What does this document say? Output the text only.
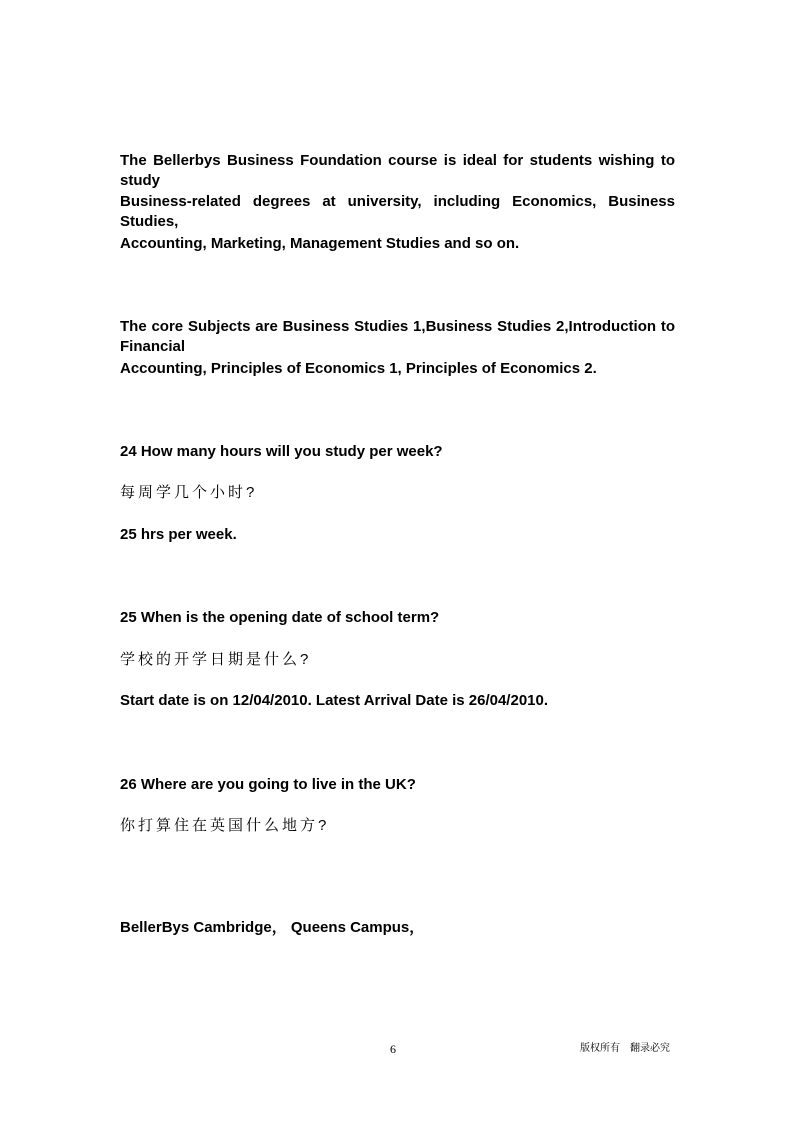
The Bellerbys Business Foundation course is ideal for students wishing to study
Business-related degrees at university, including Economics, Business Studies,
Accounting, Marketing, Management Studies and so on.
The core Subjects are Business Studies 1,Business Studies 2,Introduction to Financial
Accounting, Principles of Economics 1, Principles of Economics 2.
24 How many hours will you study per week?
每周学几个小时?
25 hrs per week.
25 When is the opening date of school term?
学校的开学日期是什么?
Start date is on 12/04/2010. Latest Arrival Date is 26/04/2010.
26 Where are you going to live in the UK?
你打算住在英国什么地方?
BellerBys Cambridge， Queens Campus，
6	版权所有　翻录必究
